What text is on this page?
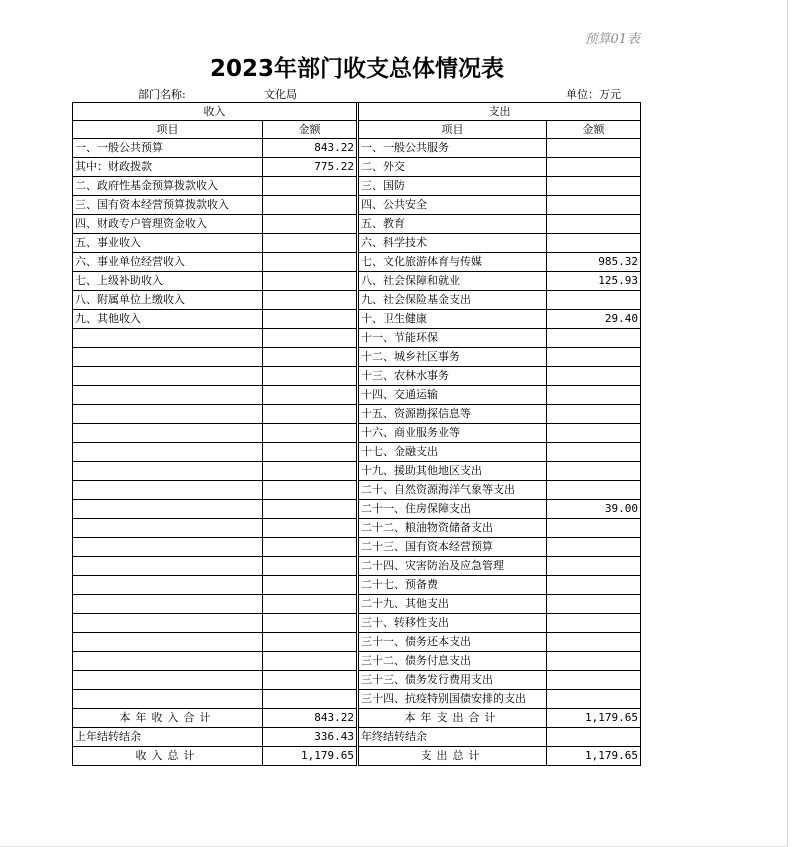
预算01表
2023年部门收支总体情况表
部门名称:	文化局	单位：万元
收入			支出	
项目	金额		项目	金额
一、一般公共预算	843.22		一、一般公共服务	
其中：财政拨款	775.22		二、外交	
二、政府性基金预算拨款收入			三、国防	
三、国有资本经营预算拨款收入			四、公共安全	
四、财政专户管理资金收入			五、教育	
五、事业收入			六、科学技术	
六、事业单位经营收入			七、文化旅游体育与传媒	985.32
七、上级补助收入			八、社会保障和就业	125.93
八、附属单位上缴收入			九、社会保险基金支出	
九、其他收入			十、卫生健康	29.40
			十一、节能环保	
			十二、城乡社区事务	
			十三、农林水事务	
			十四、交通运输	
			十五、资源勘探信息等	
			十六、商业服务业等	
			十七、金融支出	
			十九、援助其他地区支出	
			二十、自然资源海洋气象等支出	
			二十一、住房保障支出	39.00
			二十二、粮油物资储备支出	
			二十三、国有资本经营预算	
			二十四、灾害防治及应急管理	
			二十七、预备费	
			二十九、其他支出	
			三十、转移性支出	
			三十一、债务还本支出	
			三十二、债务付息支出	
			三十三、债务发行费用支出	
			三十四、抗疫特别国债安排的支出	
本年收入合计	843.22		本年支出合计	1,179.65
上年结转结余	336.43		年终结转结余	
收入总计	1,179.65		支出总计	1,179.65
